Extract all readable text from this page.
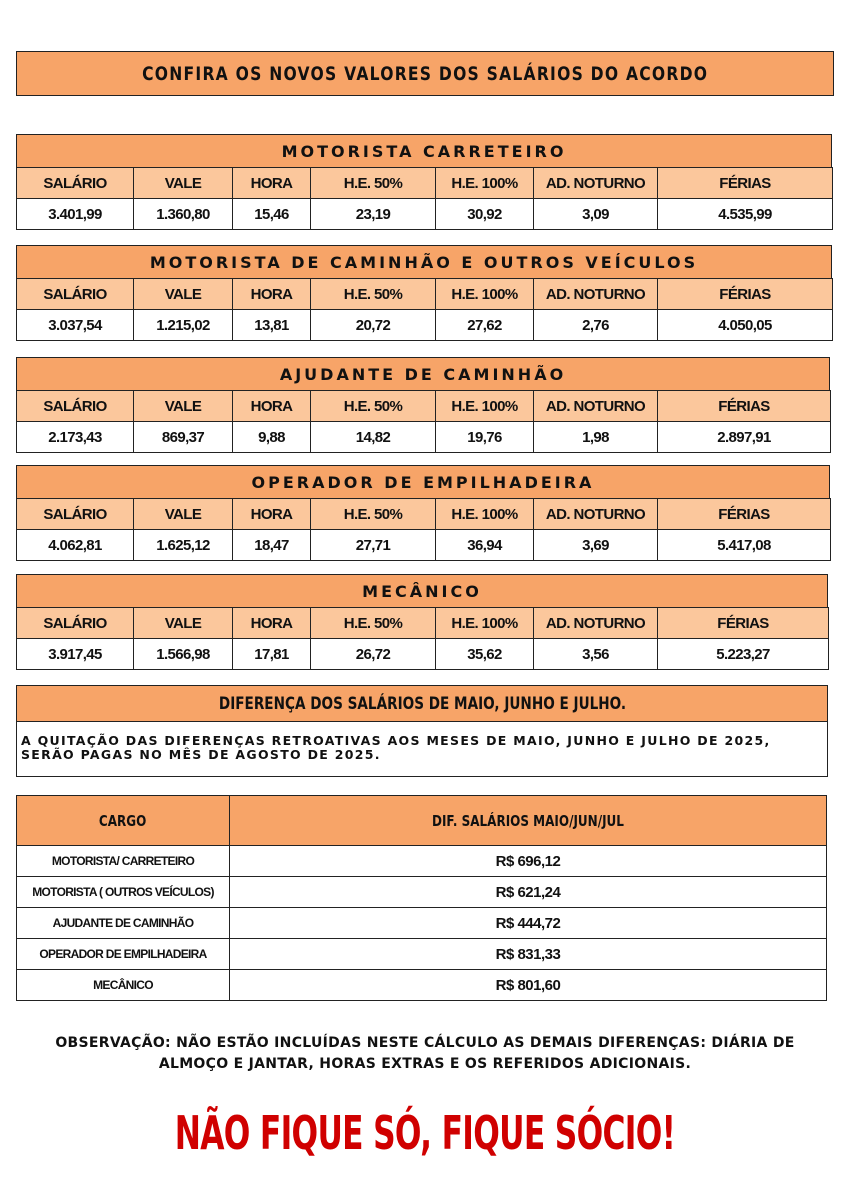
CONFIRA OS NOVOS VALORES DOS SALÁRIOS DO ACORDO
MOTORISTA CARRETEIRO
SALÁRIO	VALE	HORA	H.E. 50%	H.E. 100%	AD. NOTURNO	FÉRIAS
3.401,99	1.360,80	15,46	23,19	30,92	3,09	4.535,99
MOTORISTA DE CAMINHÃO E OUTROS VEÍCULOS
SALÁRIO	VALE	HORA	H.E. 50%	H.E. 100%	AD. NOTURNO	FÉRIAS
3.037,54	1.215,02	13,81	20,72	27,62	2,76	4.050,05
AJUDANTE DE CAMINHÃO
SALÁRIO	VALE	HORA	H.E. 50%	H.E. 100%	AD. NOTURNO	FÉRIAS
2.173,43	869,37	9,88	14,82	19,76	1,98	2.897,91
OPERADOR DE EMPILHADEIRA
SALÁRIO	VALE	HORA	H.E. 50%	H.E. 100%	AD. NOTURNO	FÉRIAS
4.062,81	1.625,12	18,47	27,71	36,94	3,69	5.417,08
MECÂNICO
SALÁRIO	VALE	HORA	H.E. 50%	H.E. 100%	AD. NOTURNO	FÉRIAS
3.917,45	1.566,98	17,81	26,72	35,62	3,56	5.223,27
DIFERENÇA DOS SALÁRIOS DE MAIO, JUNHO E JULHO.
A QUITAÇÃO DAS DIFERENÇAS RETROATIVAS AOS MESES DE MAIO, JUNHO E JULHO DE 2025,
SERÃO PAGAS NO MÊS DE AGOSTO DE 2025.
CARGO	DIF. SALÁRIOS MAIO/JUN/JUL
MOTORISTA/ CARRETEIRO	R$ 696,12
MOTORISTA ( OUTROS VEÍCULOS)	R$ 621,24
AJUDANTE DE CAMINHÃO	R$ 444,72
OPERADOR DE EMPILHADEIRA	R$ 831,33
MECÂNICO	R$ 801,60
OBSERVAÇÃO: NÃO ESTÃO INCLUÍDAS NESTE CÁLCULO AS DEMAIS DIFERENÇAS: DIÁRIA DE
ALMOÇO E JANTAR, HORAS EXTRAS E OS REFERIDOS ADICIONAIS.
NÃO FIQUE SÓ, FIQUE SÓCIO!
